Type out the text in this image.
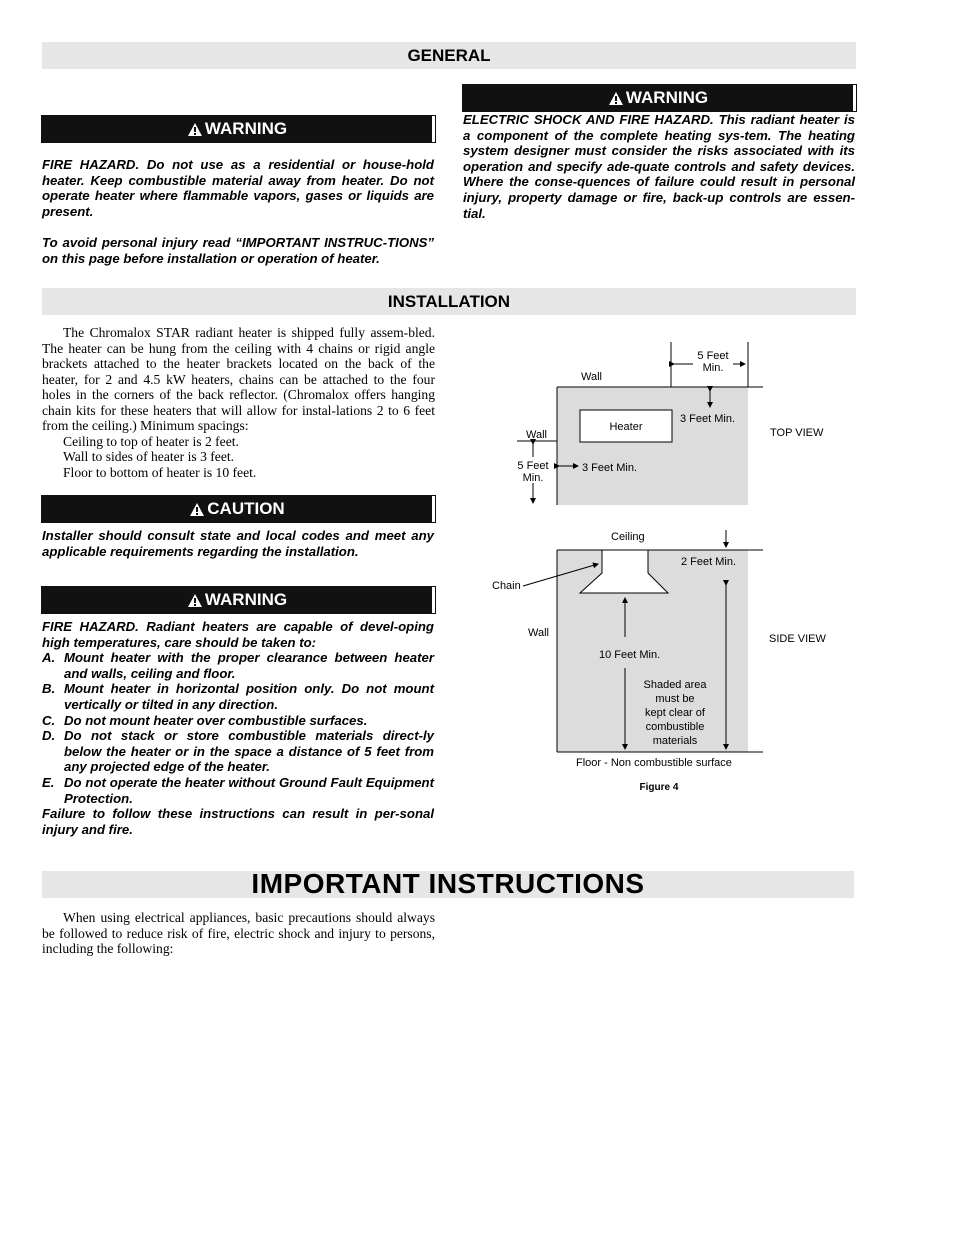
GENERAL
WARNING
ELECTRIC SHOCK AND FIRE HAZARD. This radiant heater is a component of the complete heating sys-tem. The heating system designer must consider the risks associated with its operation and specify ade-quate controls and safety devices. Where the conse-quences of failure could result in personal injury, property damage or fire, back-up controls are essen-tial.
WARNING
FIRE HAZARD. Do not use as a residential or house-hold heater. Keep combustible material away from heater. Do not operate heater where flammable vapors, gases or liquids are present.
To avoid personal injury read “IMPORTANT INSTRUC-TIONS” on this page before installation or operation of heater.
INSTALLATION
The Chromalox STAR radiant heater is shipped fully assem-bled. The heater can be hung from the ceiling with 4 chains or rigid angle brackets attached to the heater brackets located on the back of the heater, for 2 and 4.5 kW heaters, chains can be attached to the four holes in the corners of the back reflector. (Chromalox offers hanging chain kits for these heaters that will allow for instal-lations 2 to 6 feet from the ceiling.) Minimum spacings:
Ceiling to top of heater is 2 feet.
Wall to sides of heater is 3 feet.
Floor to bottom of heater is 10 feet.
CAUTION
Installer should consult state and local codes and meet any applicable requirements regarding the installation.
WARNING
FIRE HAZARD. Radiant heaters are capable of devel-oping high temperatures, care should be taken to:
A. Mount heater with the proper clearance between heater and walls, ceiling and floor.
B. Mount heater in horizontal position only. Do not mount vertically or tilted in any direction.
C. Do not mount heater over combustible surfaces.
D. Do not stack or store combustible materials direct-ly below the heater or in the space a distance of 5 feet from any projected edge of the heater.
E. Do not operate the heater without Ground Fault Equipment Protection.
Failure to follow these instructions can result in per-sonal injury and fire.
Heater
Wall
Wall
5 Feet
Min.
3 Feet Min.
5 Feet
Min.
3 Feet Min.
TOP VIEW
Ceiling
Chain
Wall
2 Feet Min.
10 Feet Min.
Shaded area
must be
kept clear of
combustible
materials
SIDE VIEW
Floor - Non combustible surface
Figure 4
IMPORTANT INSTRUCTIONS
When using electrical appliances, basic precautions should always be followed to reduce risk of fire, electric shock and injury to persons, including the following:
